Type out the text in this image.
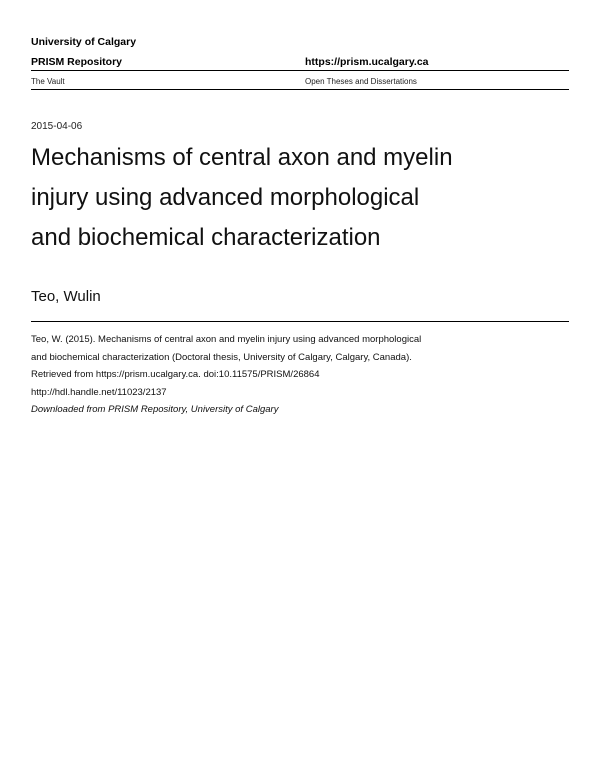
University of Calgary
PRISM Repository	https://prism.ucalgary.ca
The Vault	Open Theses and Dissertations
2015-04-06
Mechanisms of central axon and myelin
injury using advanced morphological
and biochemical characterization
Teo, Wulin
Teo, W. (2015). Mechanisms of central axon and myelin injury using advanced morphological
and biochemical characterization (Doctoral thesis, University of Calgary, Calgary, Canada).
Retrieved from https://prism.ucalgary.ca. doi:10.11575/PRISM/26864
http://hdl.handle.net/11023/2137
Downloaded from PRISM Repository, University of Calgary
